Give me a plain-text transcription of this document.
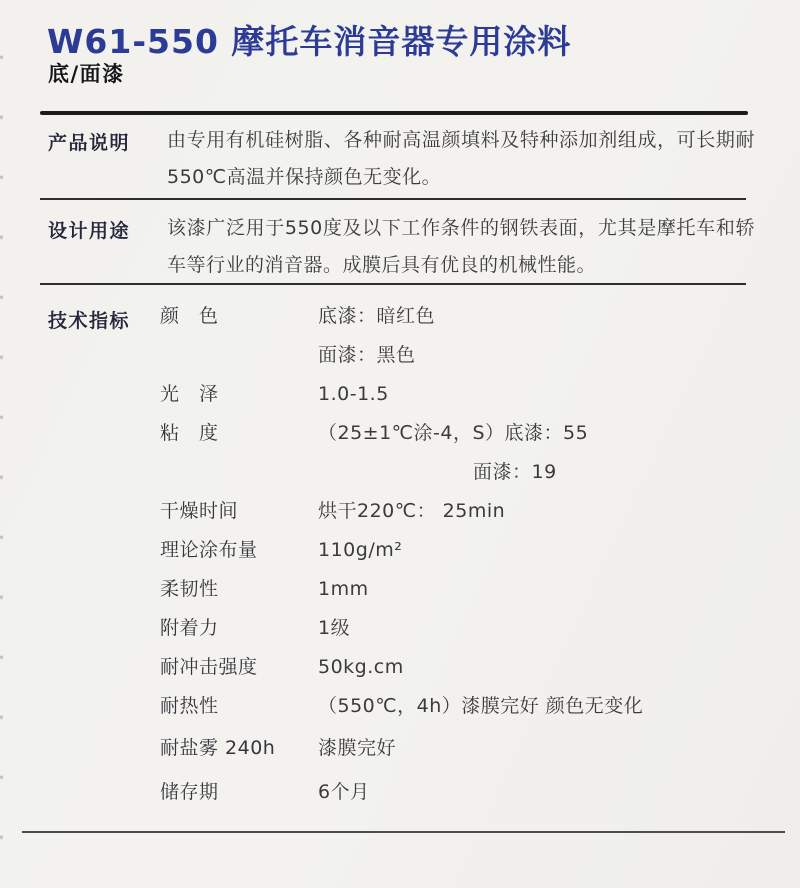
W61-550 摩托车消音器专用涂料
底/面漆
产品说明 由专用有机硅树脂、各种耐高温颜填料及特种添加剂组成，可长期耐550℃高温并保持颜色无变化。

设计用途 该漆广泛用于550度及以下工作条件的钢铁表面，尤其是摩托车和轿车等行业的消音器。成膜后具有优良的机械性能。

技术指标 颜　色	底漆：暗红色
面漆：黑色
光　泽	1.0-1.5
粘　度	（25±1℃涂-4，S）底漆：55
面漆：19
干燥时间	烘干220℃： 25min
理论涂布量	110g/m²
柔韧性	1mm
附着力	1级
耐冲击强度	50kg.cm
耐热性	（550℃，4h）漆膜完好 颜色无变化
耐盐雾 240h	漆膜完好
储存期	6个月
